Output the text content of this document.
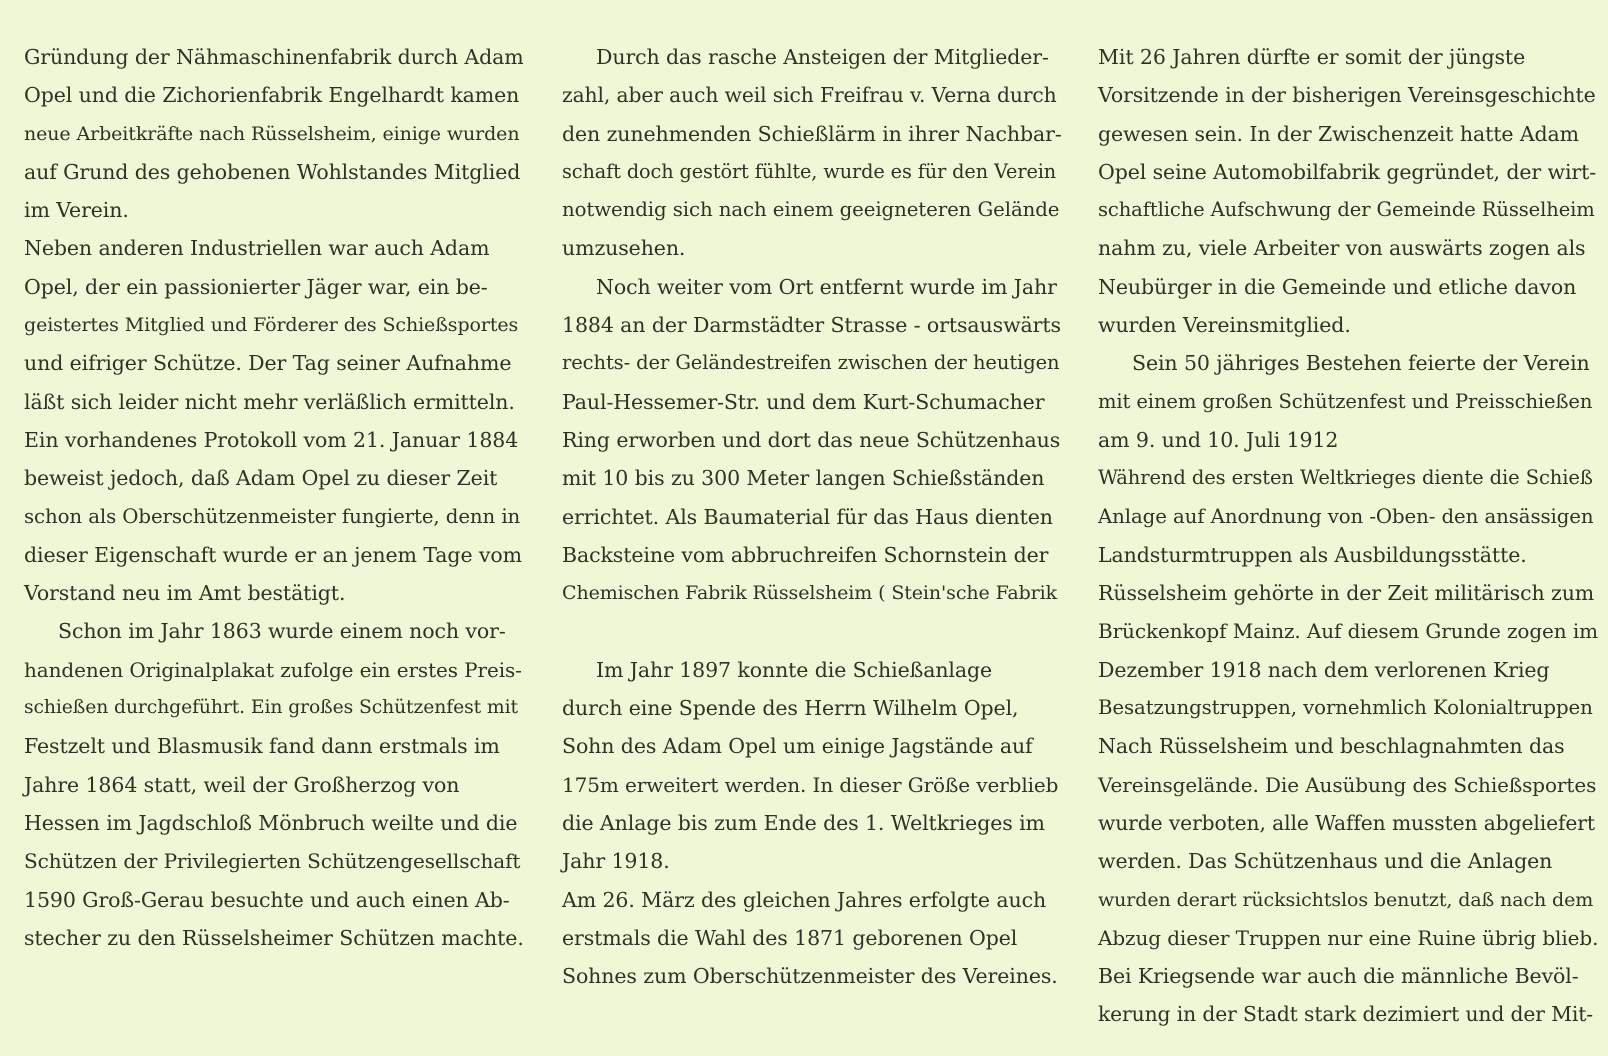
Gründung der Nähmaschinenfabrik durch Adam
Opel und die Zichorienfabrik Engelhardt kamen
neue Arbeitkräfte nach Rüsselsheim, einige wurden
auf Grund des gehobenen Wohlstandes Mitglied
im Verein.
Neben anderen Industriellen war auch Adam
Opel, der ein passionierter Jäger war, ein be-
geistertes Mitglied und Förderer des Schießsportes
und eifriger Schütze. Der Tag seiner Aufnahme
läßt sich leider nicht mehr verläßlich ermitteln.
Ein vorhandenes Protokoll vom 21. Januar 1884
beweist jedoch, daß Adam Opel zu dieser Zeit
schon als Oberschützenmeister fungierte, denn in
dieser Eigenschaft wurde er an jenem Tage vom
Vorstand neu im Amt bestätigt.
Schon im Jahr 1863 wurde einem noch vor-
handenen Originalplakat zufolge ein erstes Preis-
schießen durchgeführt. Ein großes Schützenfest mit
Festzelt und Blasmusik fand dann erstmals im
Jahre 1864 statt, weil der Großherzog von
Hessen im Jagdschloß Mönbruch weilte und die
Schützen der Privilegierten Schützengesellschaft
1590 Groß-Gerau besuchte und auch einen Ab-
stecher zu den Rüsselsheimer Schützen machte.
Durch das rasche Ansteigen der Mitglieder-
zahl, aber auch weil sich Freifrau v. Verna durch
den zunehmenden Schießlärm in ihrer Nachbar-
schaft doch gestört fühlte, wurde es für den Verein
notwendig sich nach einem geeigneteren Gelände
umzusehen.
Noch weiter vom Ort entfernt wurde im Jahr
1884 an der Darmstädter Strasse - ortsauswärts
rechts- der Geländestreifen zwischen der heutigen
Paul-Hessemer-Str. und dem Kurt-Schumacher
Ring erworben und dort das neue Schützenhaus
mit 10 bis zu 300 Meter langen Schießständen
errichtet. Als Baumaterial für das Haus dienten
Backsteine vom abbruchreifen Schornstein der
Chemischen Fabrik Rüsselsheim ( Stein'sche Fabrik
Im Jahr 1897 konnte die Schießanlage
durch eine Spende des Herrn Wilhelm Opel,
Sohn des Adam Opel um einige Jagstände auf
175m erweitert werden. In dieser Größe verblieb
die Anlage bis zum Ende des 1. Weltkrieges im
Jahr 1918.
Am 26. März des gleichen Jahres erfolgte auch
erstmals die Wahl des 1871 geborenen Opel
Sohnes zum Oberschützenmeister des Vereines.
Mit 26 Jahren dürfte er somit der jüngste
Vorsitzende in der bisherigen Vereinsgeschichte
gewesen sein. In der Zwischenzeit hatte Adam
Opel seine Automobilfabrik gegründet, der wirt-
schaftliche Aufschwung der Gemeinde Rüsselheim
nahm zu, viele Arbeiter von auswärts zogen als
Neubürger in die Gemeinde und etliche davon
wurden Vereinsmitglied.
Sein 50 jähriges Bestehen feierte der Verein
mit einem großen Schützenfest und Preisschießen
am 9. und 10. Juli 1912
Während des ersten Weltkrieges diente die Schieß
Anlage auf Anordnung von -Oben- den ansässigen
Landsturmtruppen als Ausbildungsstätte.
Rüsselsheim gehörte in der Zeit militärisch zum
Brückenkopf Mainz. Auf diesem Grunde zogen im
Dezember 1918 nach dem verlorenen Krieg
Besatzungstruppen, vornehmlich Kolonialtruppen
Nach Rüsselsheim und beschlagnahmten das
Vereinsgelände. Die Ausübung des Schießsportes
wurde verboten, alle Waffen mussten abgeliefert
werden. Das Schützenhaus und die Anlagen
wurden derart rücksichtslos benutzt, daß nach dem
Abzug dieser Truppen nur eine Ruine übrig blieb.
Bei Kriegsende war auch die männliche Bevöl-
kerung in der Stadt stark dezimiert und der Mit-
